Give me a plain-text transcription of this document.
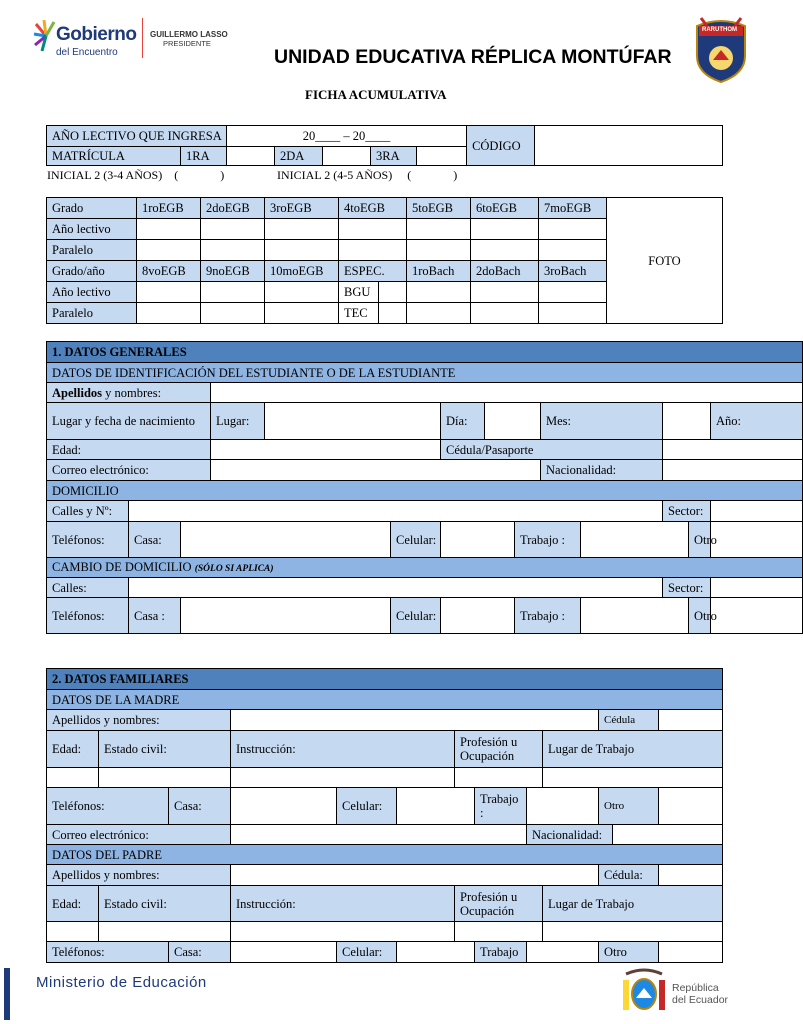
Gobierno
del Encuentro
GUILLERMO LASSO
PRESIDENTE
UNIDAD EDUCATIVA RÉPLICA MONTÚFAR
RARUTHOM
FICHA ACUMULATIVA
AÑO LECTIVO QUE INGRESA		20____ – 20____					CÓDIGO	
MATRÍCULA	1RA		2DA		3RA			
INICIAL 2 (3-4 AÑOS)    (              )	INICIAL 2 (4-5 AÑOS)     (              )
Grado	1roEGB	2doEGB	3roEGB	4toEGB		5toEGB	6toEGB	7moEGB	FOTO
Año lectivo									
Paralelo									
Grado/año	8voEGB	9noEGB	10moEGB	ESPEC.		1roBach	2doBach	3roBach	
Año lectivo				BGU					
Paralelo				TEC					
1. DATOS GENERALES													
DATOS DE IDENTIFICACIÓN DEL ESTUDIANTE O DE LA ESTUDIANTE													
Apellidos y nombres:													
Lugar y fecha de nacimiento			Lugar:			Día:			Mes:				Año:
Edad:						Cédula/Pasaporte							
Correo electrónico:									Nacionalidad:				
DOMICILIO													
Calles y Nº:											Sector:		
Teléfonos:	Casa:				Celular:			Trabajo :				Otro	
CAMBIO DE DOMICILIO (SÓLO SI APLICA)													
Calles:											Sector:		
Teléfonos:	Casa :				Celular:			Trabajo :				Otro	
2. DATOS FAMILIARES												
DATOS DE LA MADRE												
Apellidos y nombres:										Cédula		
Edad:	Estado civil:		Instrucción:			Profesión u Ocupación			Lugar de Trabajo			

Teléfonos:		Casa:		Celular:			Trabajo :			Otro		
Correo electrónico:								Nacionalidad:				
DATOS DEL PADRE												
Apellidos y nombres:										Cédula:		
Edad:	Estado civil:		Instrucción:			Profesión u Ocupación			Lugar de Trabajo			

Teléfonos:		Casa:		Celular:			Trabajo			Otro		
Ministerio de Educación	República
del Ecuador
